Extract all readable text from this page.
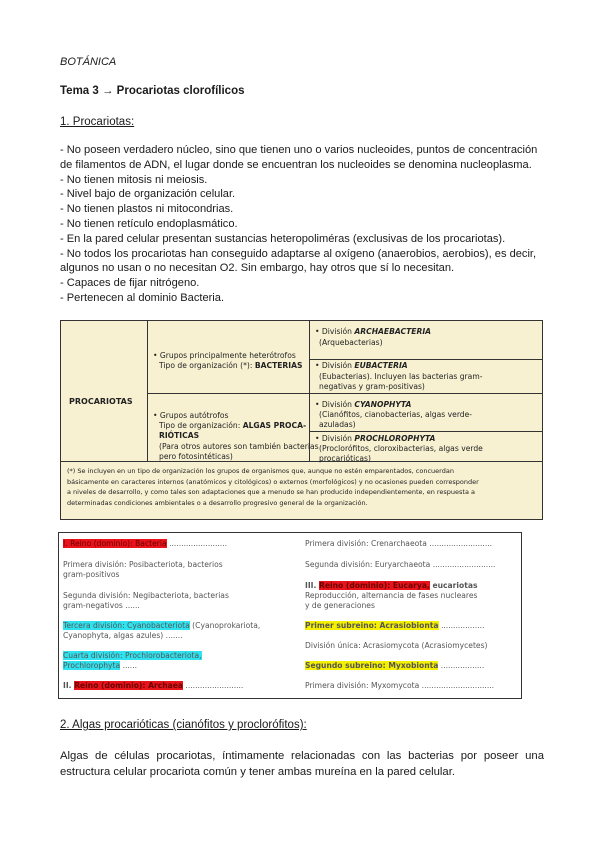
BOTÁNICA
Tema 3 → Procariotas clorofílicos
1. Procariotas:
- No poseen verdadero núcleo, sino que tienen uno o varios nucleoides, puntos de concentración
de filamentos de ADN, el lugar donde se encuentran los nucleoides se denomina nucleoplasma.
- No tienen mitosis ni meiosis.
- Nivel bajo de organización celular.
- No tienen plastos ni mitocondrias.
- No tienen retículo endoplasmático.
- En la pared celular presentan sustancias heteropoliméras (exclusivas de los procariotas).
- No todos los procariotas han conseguido adaptarse al oxígeno (anaerobios, aerobios), es decir,
algunos no usan o no necesitan O2. Sin embargo, hay otros que sí lo necesitan.
- Capaces de fijar nitrógeno.
- Pertenecen al dominio Bacteria.
PROCARIOTAS
• Grupos principalmente heterótrofos
Tipo de organización (*): BACTERIAS
• Grupos autótrofos
Tipo de organización: ALGAS PROCA-
RIÓTICAS
(Para otros autores son también bacterias
pero fotosintéticas)
• División ARCHAEBACTERIA
(Arquebacterias)
• División EUBACTERIA
(Eubacterias). Incluyen las bacterias gram-
negativas y gram-positivas)
• División CYANOPHYTA
(Cianófitos, cianobacterias, algas verde-
azuladas)
• División PROCHLOROPHYTA
(Proclorófitos, cloroxibacterias, algas verde
procarióticas)
(*) Se incluyen en un tipo de organización los grupos de organismos que, aunque no estén emparentados, concuerdan
básicamente en caracteres internos (anatómicos y citológicos) o externos (morfológicos) y no ocasiones pueden corresponder
a niveles de desarrollo, y como tales son adaptaciones que a menudo se han producido independientemente, en respuesta a
determinadas condiciones ambientales o a desarrollo progresivo general de la organización.
I. Reino (dominio): Bacteria ........................
Primera división: Posibacteriota, bacterios
gram-positivos
Segunda división: Negibacteriota, bacterias
gram-negativos ......
Tercera división: Cyanobacteriota (Cyanoprokariota,
Cyanophyta, algas azules) .......
Cuarta división: Prochlorobacteriota,
Prochlorophyta ......
II. Reino (dominio): Archaea ........................
Primera división: Crenarchaeota ..........................
Segunda división: Euryarchaeota ..........................
III. Reino (dominio): Eucarya, eucariotas
Reproducción, alternancia de fases nucleares
y de generaciones
Primer subreino: Acrasiobionta ..................
División única: Acrasiomycota (Acrasiomycetes)
Segundo subreino: Myxobionta ..................
Primera división: Myxomycota ..............................
2. Algas procarióticas (cianófitos y proclorófitos):
Algas de células procariotas, íntimamente relacionadas con las bacterias por poseer una estructura celular procariota común y tener ambas mureína en la pared celular.
